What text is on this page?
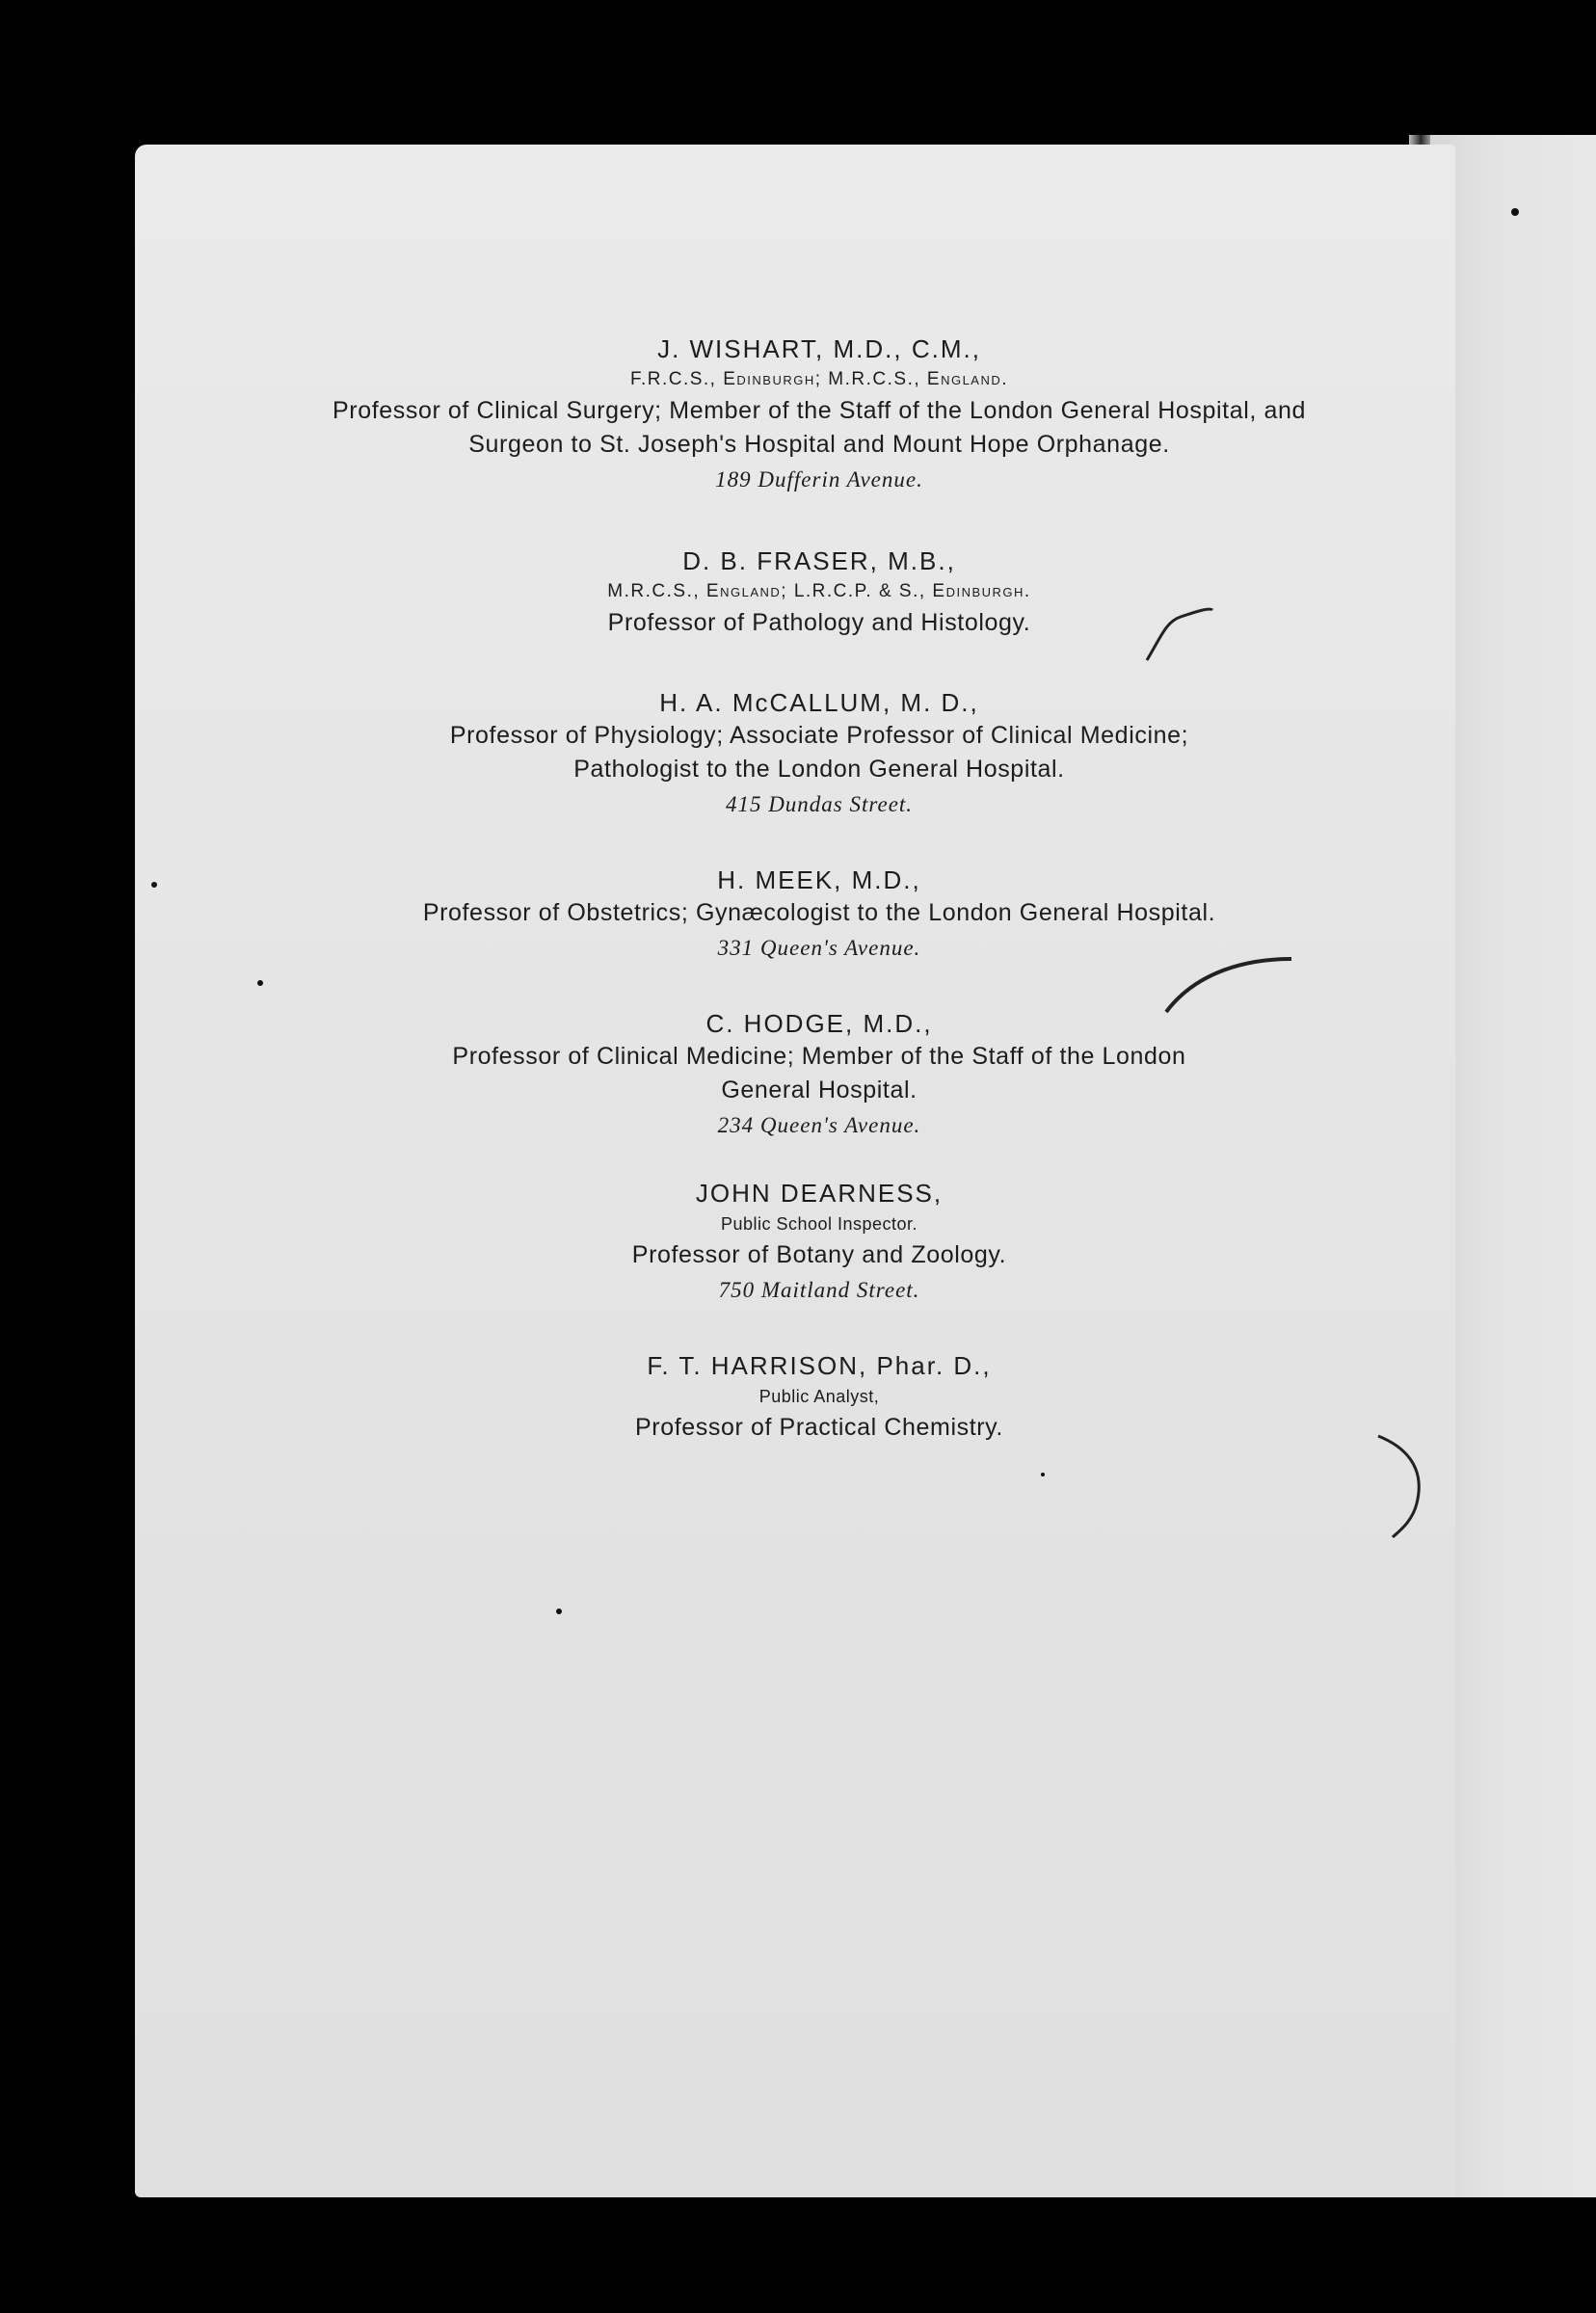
J. WISHART, M.D., C.M.,

F.R.C.S., Edinburgh; M.R.C.S., England.

Professor of Clinical Surgery; Member of the Staff of the London General Hospital, and Surgeon to St. Joseph's Hospital and Mount Hope Orphanage.

189 Dufferin Avenue.

D. B. FRASER, M.B.,

M.R.C.S., England; L.R.C.P. & S., Edinburgh.

Professor of Pathology and Histology.

H. A. McCALLUM, M. D.,

Professor of Physiology; Associate Professor of Clinical Medicine; Pathologist to the London General Hospital.

415 Dundas Street.

H. MEEK, M.D.,

Professor of Obstetrics; Gynæcologist to the London General Hospital.

331 Queen's Avenue.

C. HODGE, M.D.,

Professor of Clinical Medicine; Member of the Staff of the London General Hospital.

234 Queen's Avenue.

JOHN DEARNESS,

Public School Inspector.

Professor of Botany and Zoology.

750 Maitland Street.

F. T. HARRISON, Phar. D.,

Public Analyst,

Professor of Practical Chemistry.
